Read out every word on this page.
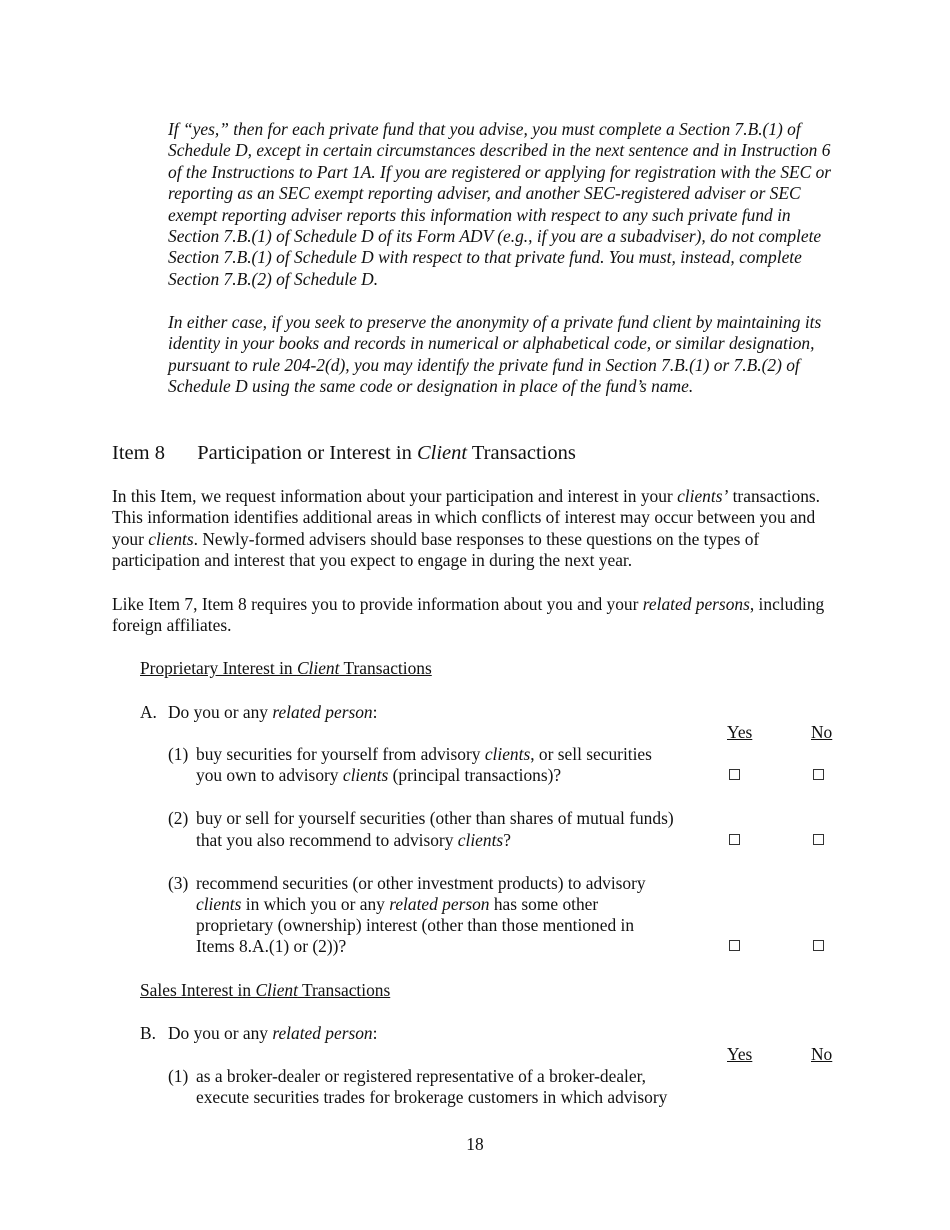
If “yes,” then for each private fund that you advise, you must complete a Section 7.B.(1) of Schedule D, except in certain circumstances described in the next sentence and in Instruction 6 of the Instructions to Part 1A. If you are registered or applying for registration with the SEC or reporting as an SEC exempt reporting adviser, and another SEC-registered adviser or SEC exempt reporting adviser reports this information with respect to any such private fund in Section 7.B.(1) of Schedule D of its Form ADV (e.g., if you are a subadviser), do not complete Section 7.B.(1) of Schedule D with respect to that private fund. You must, instead, complete Section 7.B.(2) of Schedule D.

In either case, if you seek to preserve the anonymity of a private fund client by maintaining its identity in your books and records in numerical or alphabetical code, or similar designation, pursuant to rule 204-2(d), you may identify the private fund in Section 7.B.(1) or 7.B.(2) of Schedule D using the same code or designation in place of the fund’s name.

Item 8 Participation or Interest in Client Transactions

In this Item, we request information about your participation and interest in your clients’ transactions. This information identifies additional areas in which conflicts of interest may occur between you and your clients. Newly-formed advisers should base responses to these questions on the types of participation and interest that you expect to engage in during the next year.

Like Item 7, Item 8 requires you to provide information about you and your related persons, including foreign affiliates.

Proprietary Interest in Client Transactions
A. Do you or any related person:
Yes	No
(1) buy securities for yourself from advisory clients, or sell securities
you own to advisory clients (principal transactions)?
(2) buy or sell for yourself securities (other than shares of mutual funds)
that you also recommend to advisory clients?
(3) recommend securities (or other investment products) to advisory
clients in which you or any related person has some other
proprietary (ownership) interest (other than those mentioned in
Items 8.A.(1) or (2))?
Sales Interest in Client Transactions
B. Do you or any related person:
Yes	No
(1) as a broker-dealer or registered representative of a broker-dealer,
execute securities trades for brokerage customers in which advisory
18
